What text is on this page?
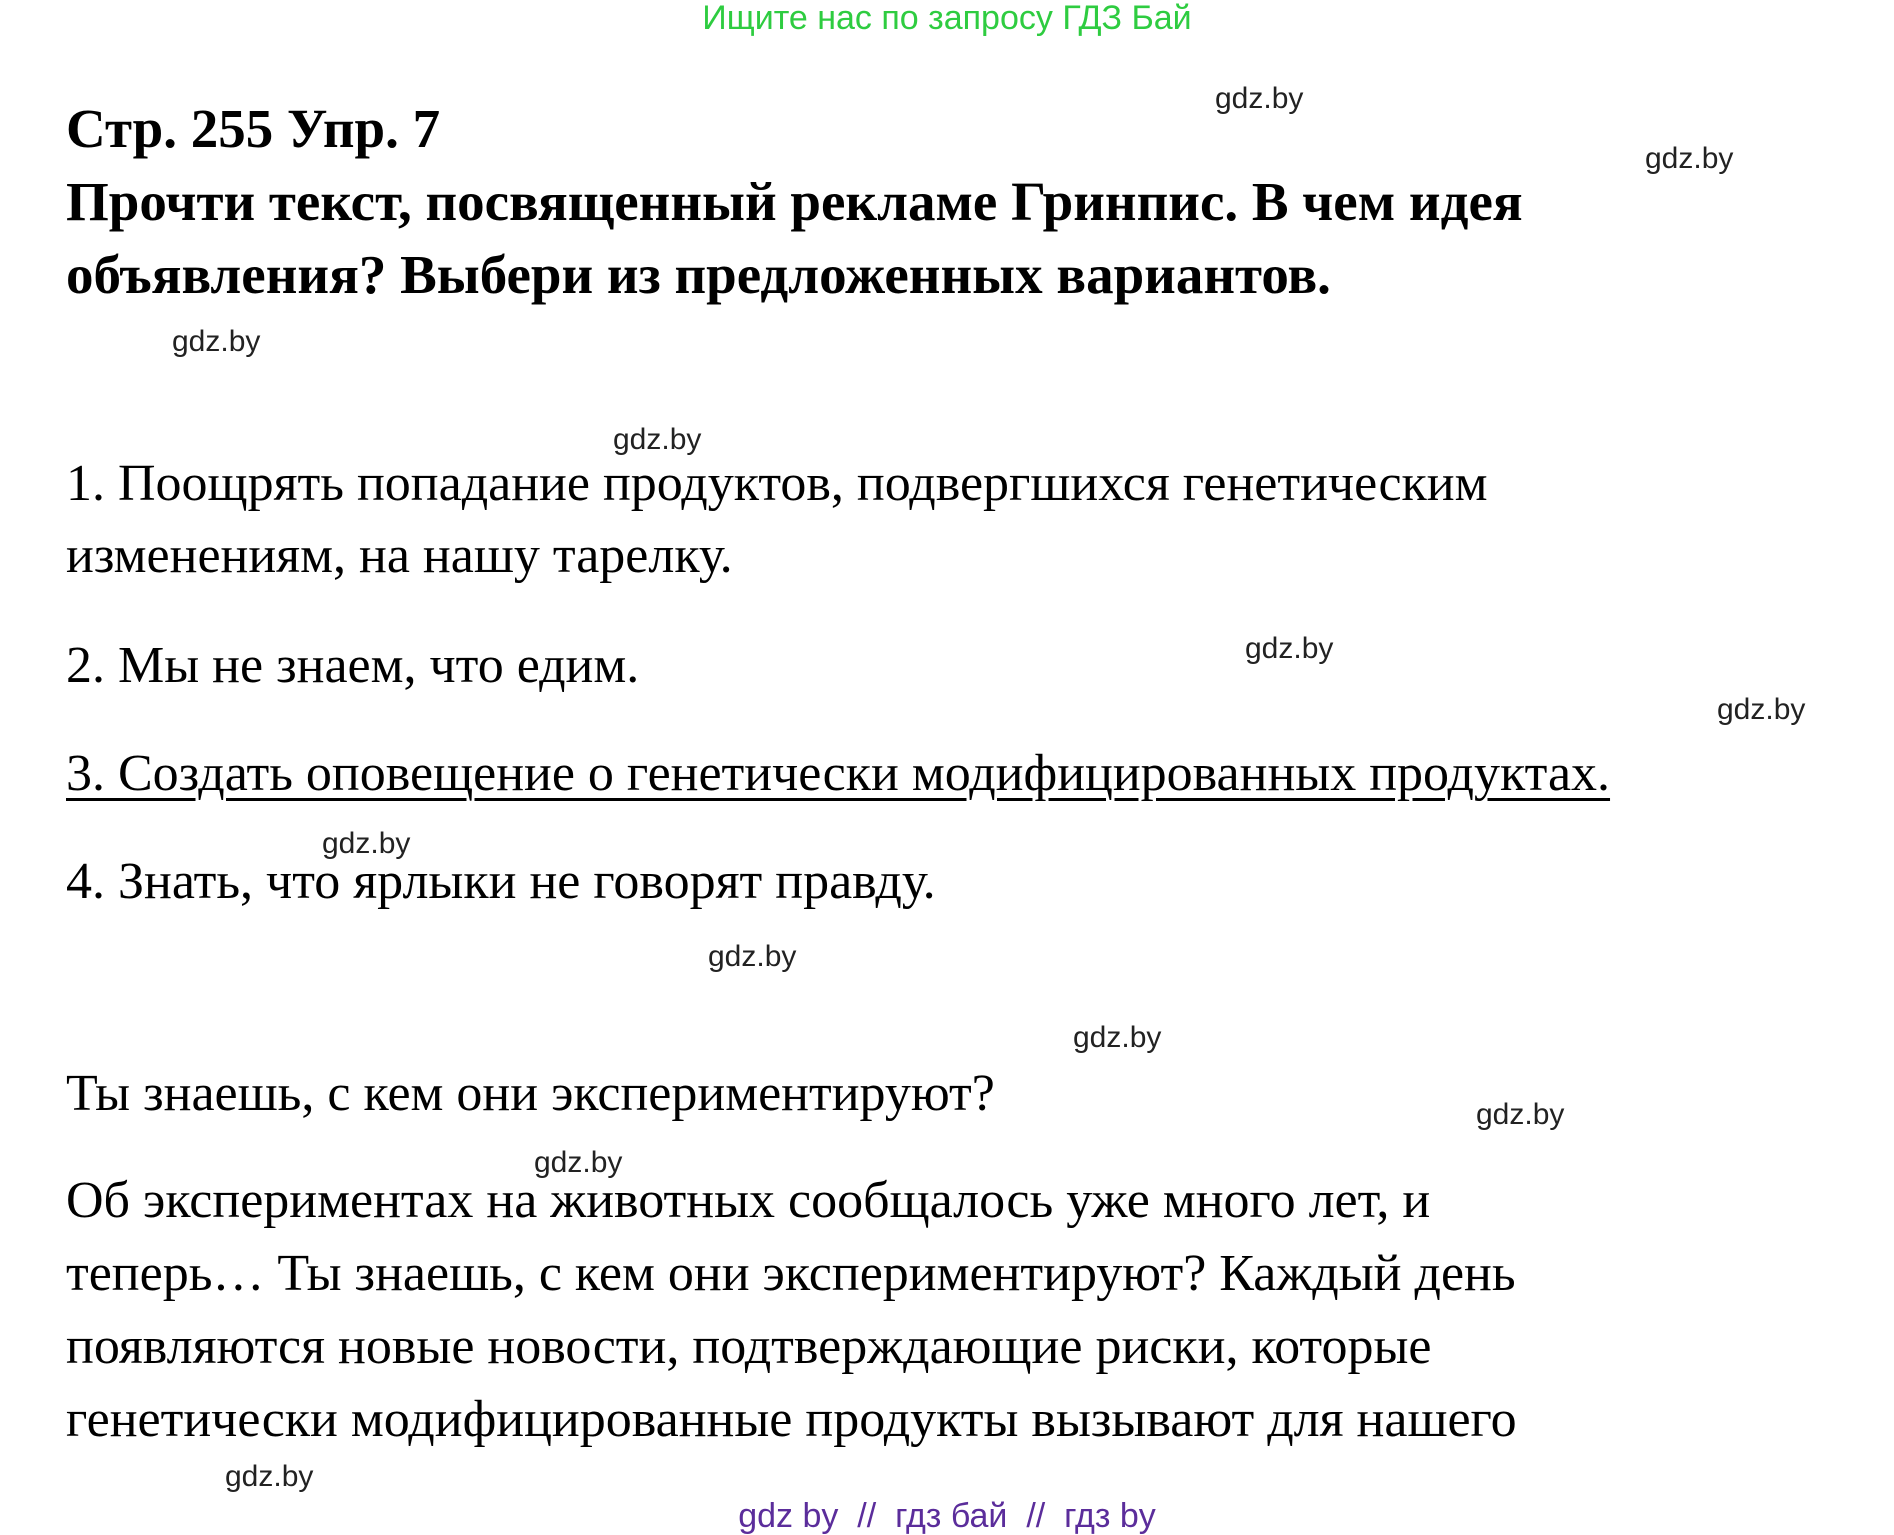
Ищите нас по запросу ГДЗ Бай
Стр. 255 Упр. 7
Прочти текст, посвященный рекламе Гринпис. В чем идея
объявления? Выбери из предложенных вариантов.
1. Поощрять попадание продуктов, подвергшихся генетическим
изменениям, на нашу тарелку.
2. Мы не знаем, что едим.
3. Создать оповещение о генетически модифицированных продуктах.
4. Знать, что ярлыки не говорят правду.
Ты знаешь, с кем они экспериментируют?
Об экспериментах на животных сообщалось уже много лет, и
теперь… Ты знаешь, с кем они экспериментируют? Каждый день
появляются новые новости, подтверждающие риски, которые
генетически модифицированные продукты вызывают для нашего
gdz.by
gdz.by
gdz.by
gdz.by
gdz.by
gdz.by
gdz.by
gdz.by
gdz.by
gdz.by
gdz.by
gdz.by
gdz by  //  гдз бай  //  гдз by
